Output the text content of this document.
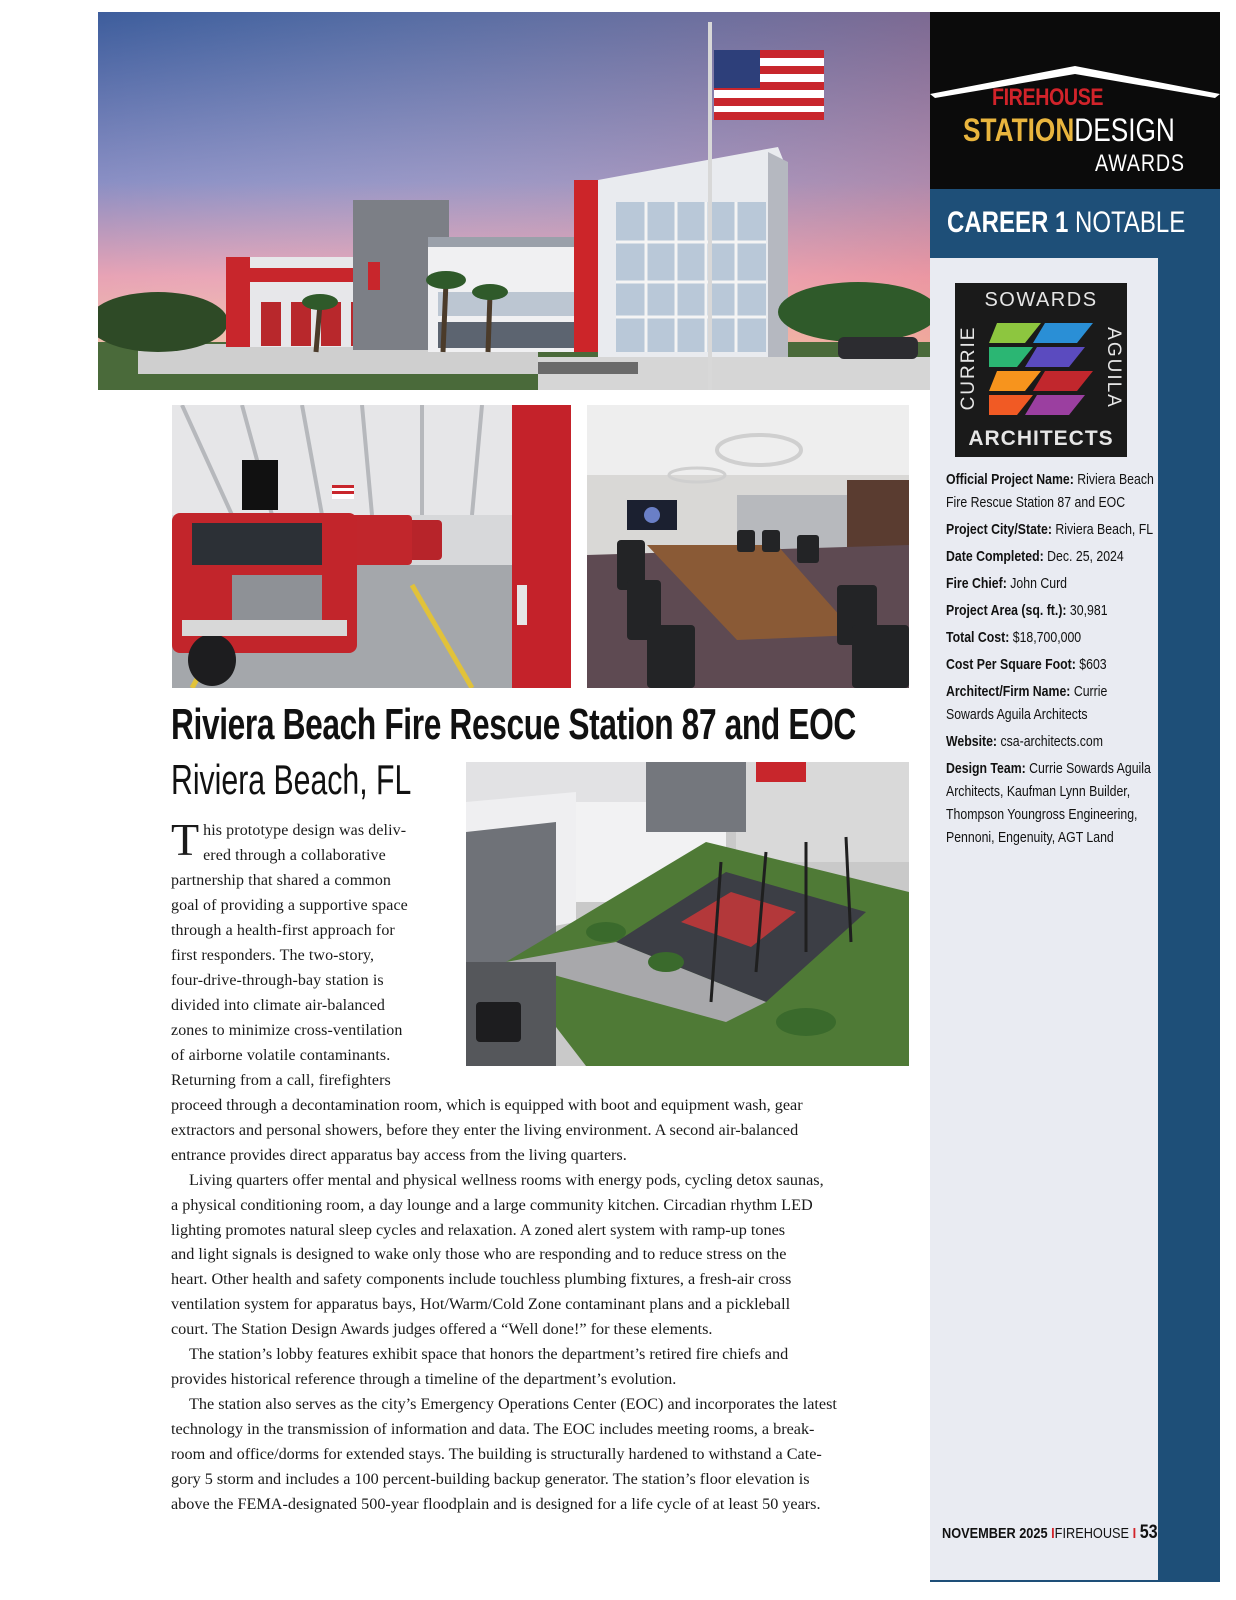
FIREHOUSE
STATIONDESIGN
AWARDS
CAREER 1 NOTABLE
SOWARDS
CURRIE	AGUILA
ARCHITECTS
Official Project Name: Riviera Beach Fire Rescue Station 87 and EOC
Project City/State: Riviera Beach, FL
Date Completed: Dec. 25, 2024
Fire Chief: John Curd
Project Area (sq. ft.): 30,981
Total Cost: $18,700,000
Cost Per Square Foot: $603
Architect/Firm Name: Currie Sowards Aguila Architects
Website: csa-architects.com
Design Team: Currie Sowards Aguila Architects, Kaufman Lynn Builder, Thompson Youngross Engineering, Pennoni, Engenuity, AGT Land
NOVEMBER 2025 IFIREHOUSE I 53
Riviera Beach Fire Rescue Station 87 and EOC
Riviera Beach, FL
T his prototype design was deliv-
ered through a collaborative
partnership that shared a common
goal of providing a supportive space
through a health-first approach for
first responders. The two-story,
four-drive-through-bay station is
divided into climate air-balanced
zones to minimize cross-ventilation
of airborne volatile contaminants.
Returning from a call, firefighters
proceed through a decontamination room, which is equipped with boot and equipment wash, gear
extractors and personal showers, before they enter the living environment. A second air-balanced
entrance provides direct apparatus bay access from the living quarters.
Living quarters offer mental and physical wellness rooms with energy pods, cycling detox saunas,
a physical conditioning room, a day lounge and a large community kitchen. Circadian rhythm LED
lighting promotes natural sleep cycles and relaxation. A zoned alert system with ramp-up tones
and light signals is designed to wake only those who are responding and to reduce stress on the
heart. Other health and safety components include touchless plumbing fixtures, a fresh-air cross
ventilation system for apparatus bays, Hot/Warm/Cold Zone contaminant plans and a pickleball
court. The Station Design Awards judges offered a “Well done!” for these elements.
The station’s lobby features exhibit space that honors the department’s retired fire chiefs and
provides historical reference through a timeline of the department’s evolution.
The station also serves as the city’s Emergency Operations Center (EOC) and incorporates the latest
technology in the transmission of information and data. The EOC includes meeting rooms, a break-
room and office/dorms for extended stays. The building is structurally hardened to withstand a Cate-
gory 5 storm and includes a 100 percent-building backup generator. The station’s floor elevation is
above the FEMA-designated 500-year floodplain and is designed for a life cycle of at least 50 years.
